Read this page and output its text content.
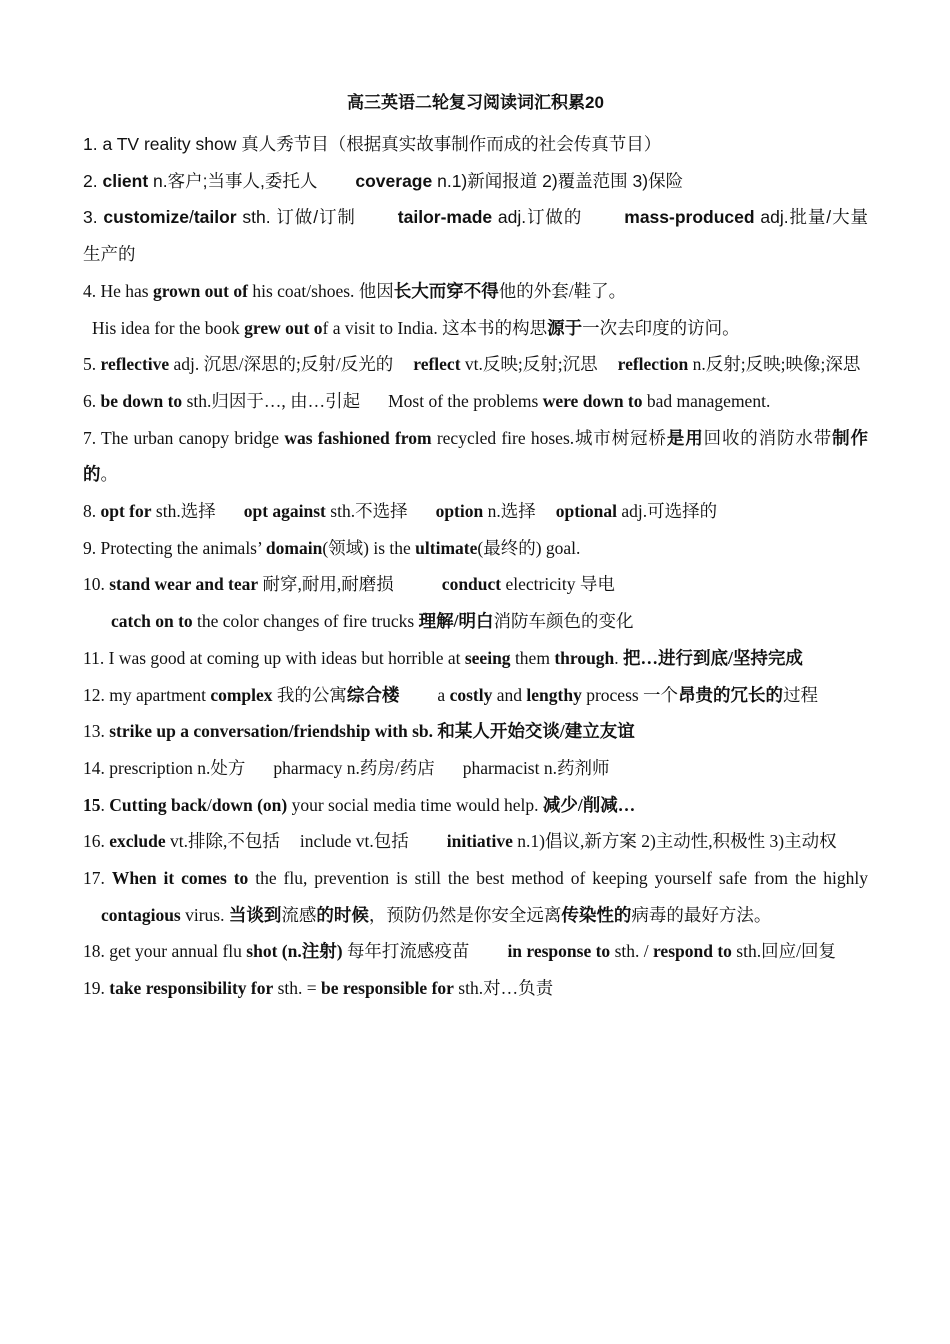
高三英语二轮复习阅读词汇积累20
1. a TV reality show 真人秀节目（根据真实故事制作而成的社会传真节目）
2. client n.客户;当事人,委托人 coverage n.1)新闻报道 2)覆盖范围 3)保险
3. customize/tailor sth. 订做/订制 tailor-made adj.订做的 mass-produced adj.批量/大量生产的
4. He has grown out of his coat/shoes. 他因长大而穿不得他的外套/鞋了。
His idea for the book grew out of a visit to India. 这本书的构思源于一次去印度的访问。
5. reflective adj. 沉思/深思的;反射/反光的 reflect vt.反映;反射;沉思 reflection n.反射;反映;映像;深思
6. be down to sth.归因于…, 由…引起 Most of the problems were down to bad management.
7. The urban canopy bridge was fashioned from recycled fire hoses.城市树冠桥是用回收的消防水带制作的。
8. opt for sth.选择 opt against sth.不选择 option n.选择 optional adj.可选择的
9. Protecting the animals’ domain(领域) is the ultimate(最终的) goal.
10. stand wear and tear 耐穿,耐用,耐磨损	conduct electricity 导电
catch on to the color changes of fire trucks 理解/明白消防车颜色的变化
11. I was good at coming up with ideas but horrible at seeing them through. 把…进行到底/坚持完成
12. my apartment complex 我的公寓综合楼 a costly and lengthy process 一个昂贵的冗长的过程
13. strike up a conversation/friendship with sb. 和某人开始交谈/建立友谊
14. prescription n.处方 pharmacy n.药房/药店 pharmacist n.药剂师
15. Cutting back/down (on) your social media time would help. 减少/削减…
16. exclude vt.排除,不包括 include vt.包括 initiative n.1)倡议,新方案 2)主动性,积极性 3)主动权
17. When it comes to the flu, prevention is still the best method of keeping yourself safe from the highly contagious virus. 当谈到流感的时候，预防仍然是你安全远离传染性的病毒的最好方法。
18. get your annual flu shot (n.注射) 每年打流感疫苗 in response to sth. / respond to sth.回应/回复
19. take responsibility for sth. = be responsible for sth.对…负责
